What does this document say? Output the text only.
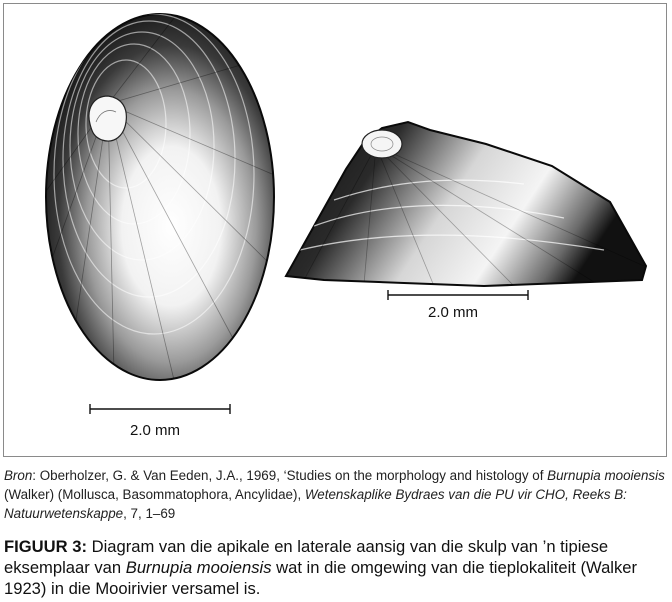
2.0 mm
2.0 mm
Bron: Oberholzer, G. & Van Eeden, J.A., 1969, ‘Studies on the morphology and histology of Burnupia mooiensis (Walker) (Mollusca, Basommatophora, Ancylidae), Wetenskaplike Bydraes van die PU vir CHO, Reeks B: Natuurwetenskappe, 7, 1–69
FIGUUR 3: Diagram van die apikale en laterale aansig van die skulp van ’n tipiese eksemplaar van Burnupia mooiensis wat in die omgewing van die tieplokaliteit (Walker 1923) in die Mooirivier versamel is.
